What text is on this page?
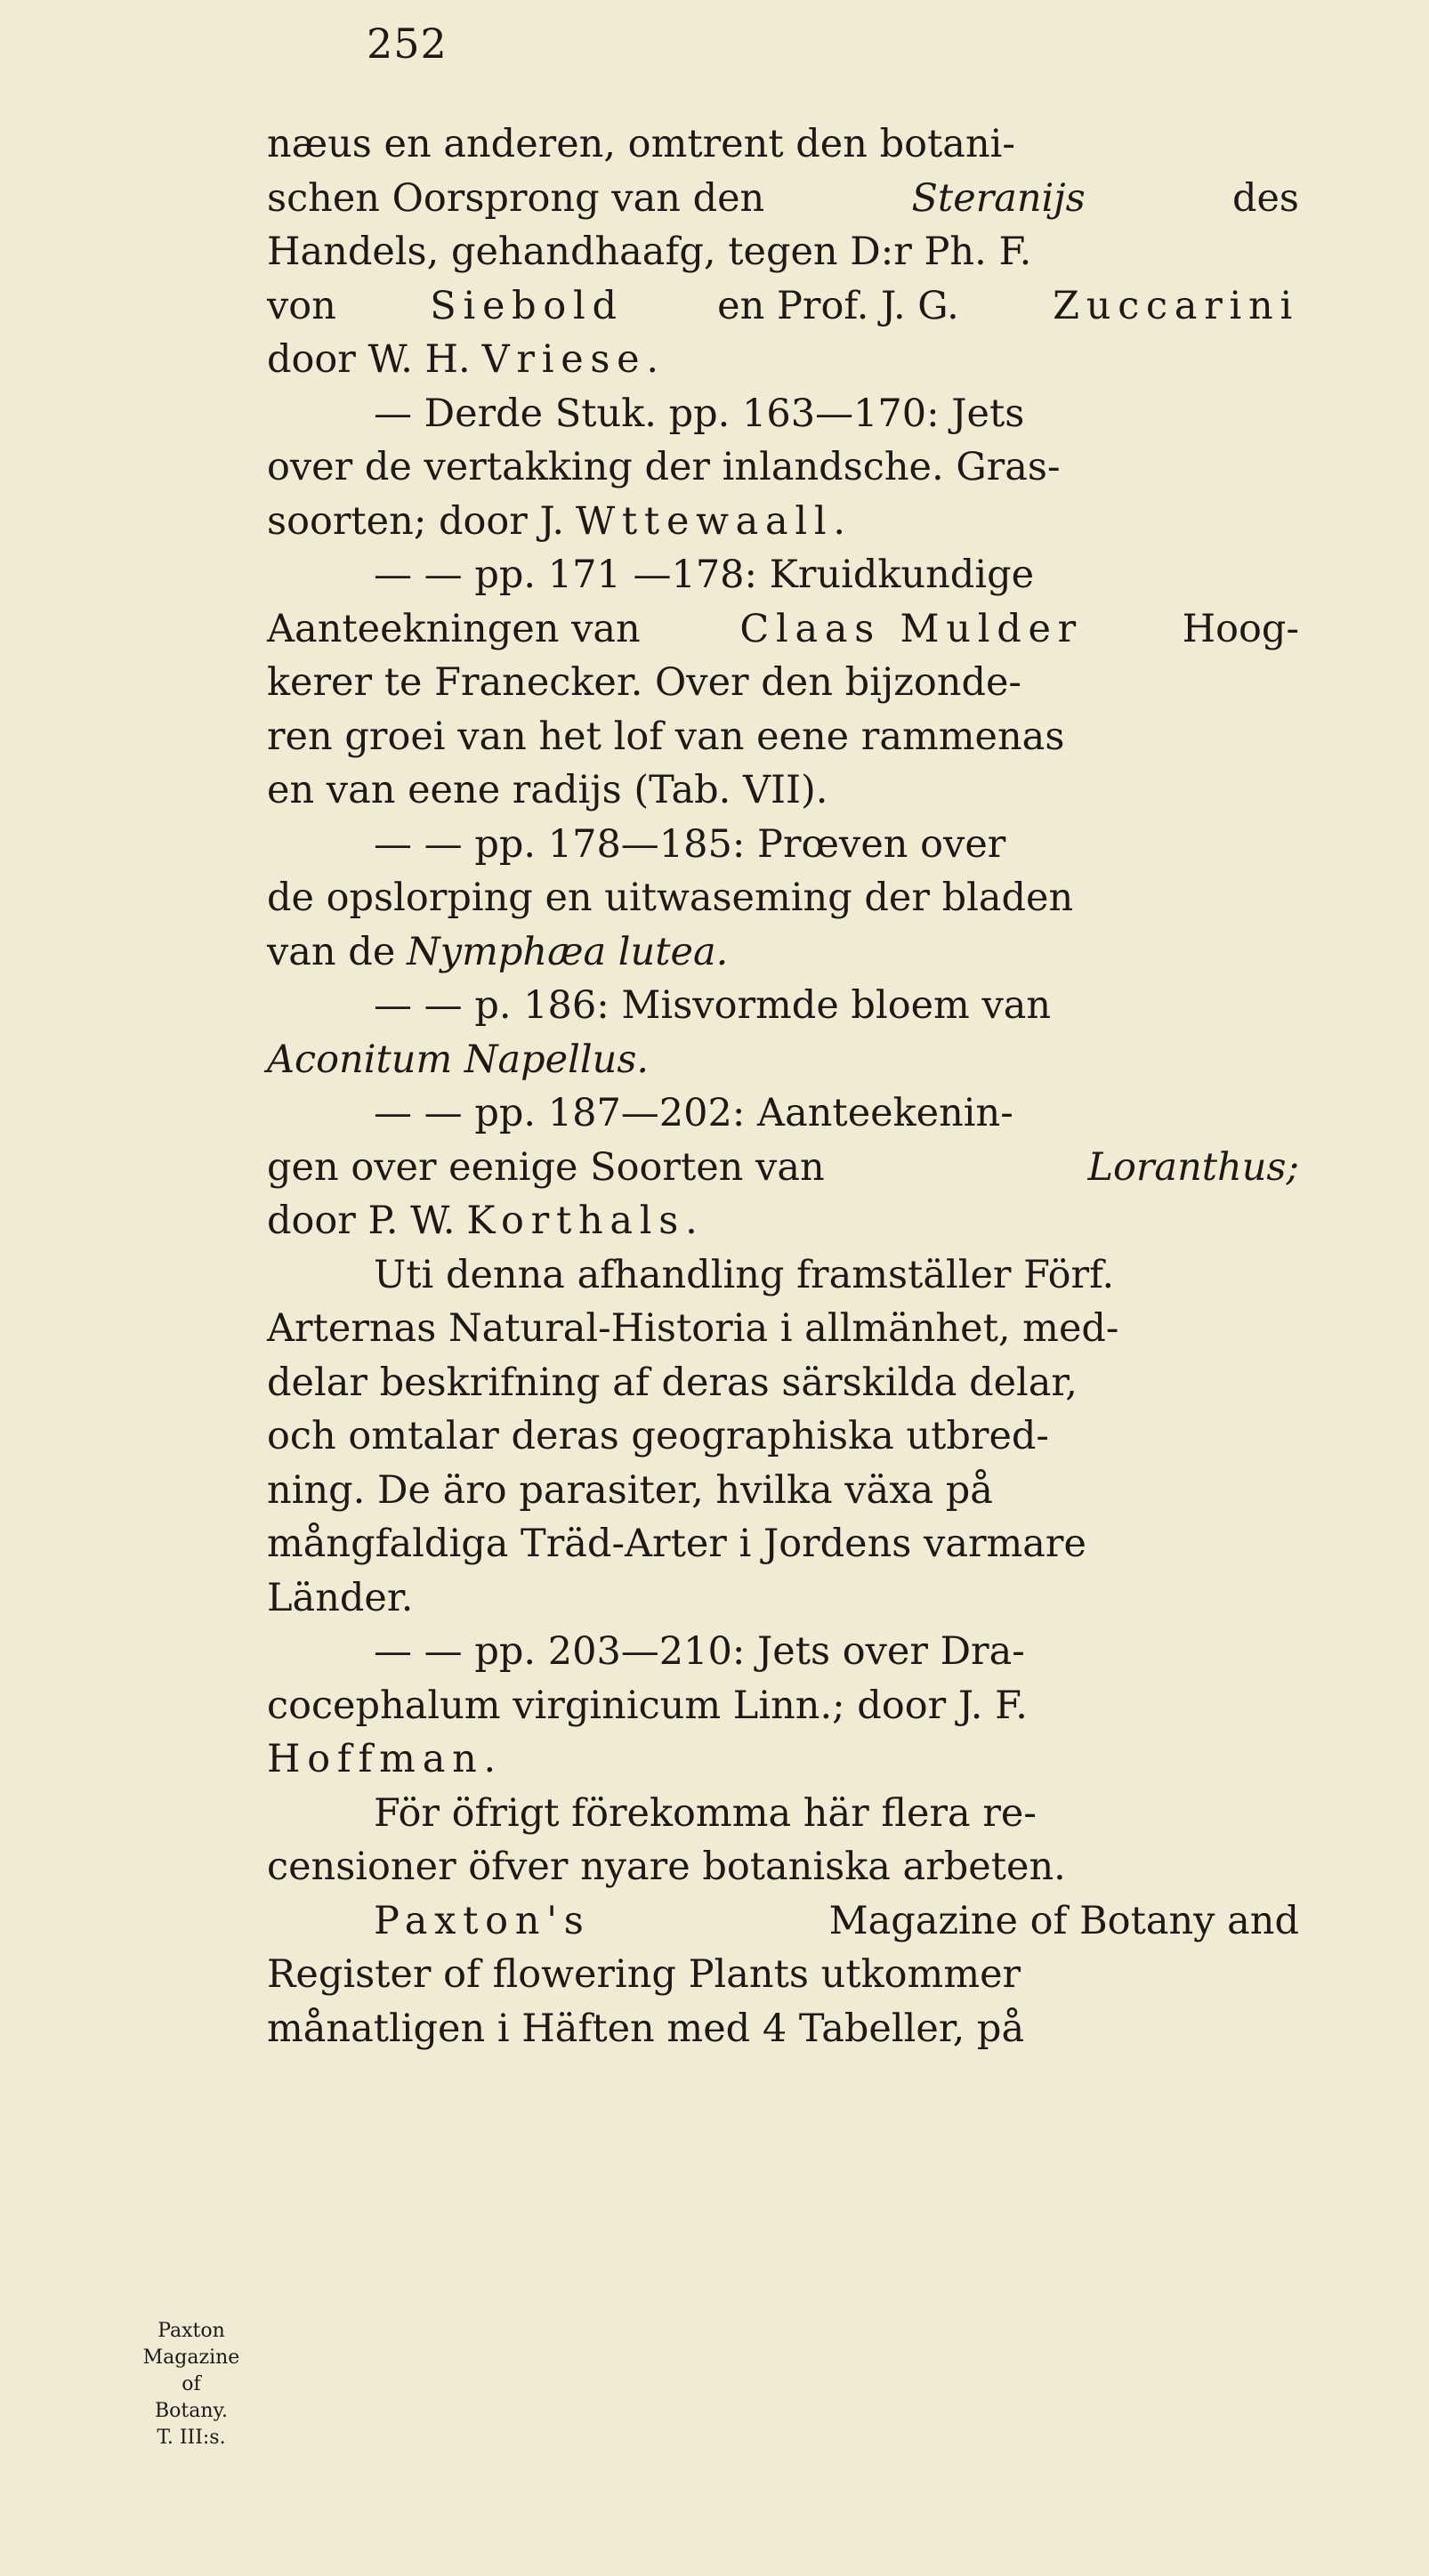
252
næus en anderen, omtrent den botani-
schen Oorsprong van den	Steranijs	des
Handels, gehandhaafg, tegen D:r Ph. F.
von Siebold en Prof. J. G. Zuccarini
door W. H. Vriese.
— Derde Stuk. pp. 163—170: Jets
over de vertakking der inlandsche. Gras-
soorten; door J. Wttewaall.
— — pp. 171 —178: Kruidkundige
Aanteekningen van	Claas Mulder	Hoog-
kerer te Franecker. Over den bijzonde-
ren groei van het lof van eene rammenas
en van eene radijs (Tab. VII).
— — pp. 178—185: Prœven over
de opslorping en uitwaseming der bladen
van de Nymphæa lutea.
— — p. 186: Misvormde bloem van
Aconitum Napellus.
— — pp. 187—202: Aanteekenin-
gen over eenige Soorten van	Loranthus;
door P. W. Korthals.
Uti denna afhandling framställer Förf.
Arternas Natural-Historia i allmänhet, med-
delar beskrifning af deras särskilda delar,
och omtalar deras geographiska utbred-
ning. De äro parasiter, hvilka växa på
mångfaldiga Träd-Arter i Jordens varmare
Länder.
— — pp. 203—210: Jets over Dra-
cocephalum virginicum Linn.; door J. F.
Hoffman.
För öfrigt förekomma här flera re-
censioner öfver nyare botaniska arbeten.
Paxton's	Magazine of Botany and
Register of flowering Plants utkommer
månatligen i Häften med 4 Tabeller, på
Paxton
Magazine
of
Botany.
T. III:s.
